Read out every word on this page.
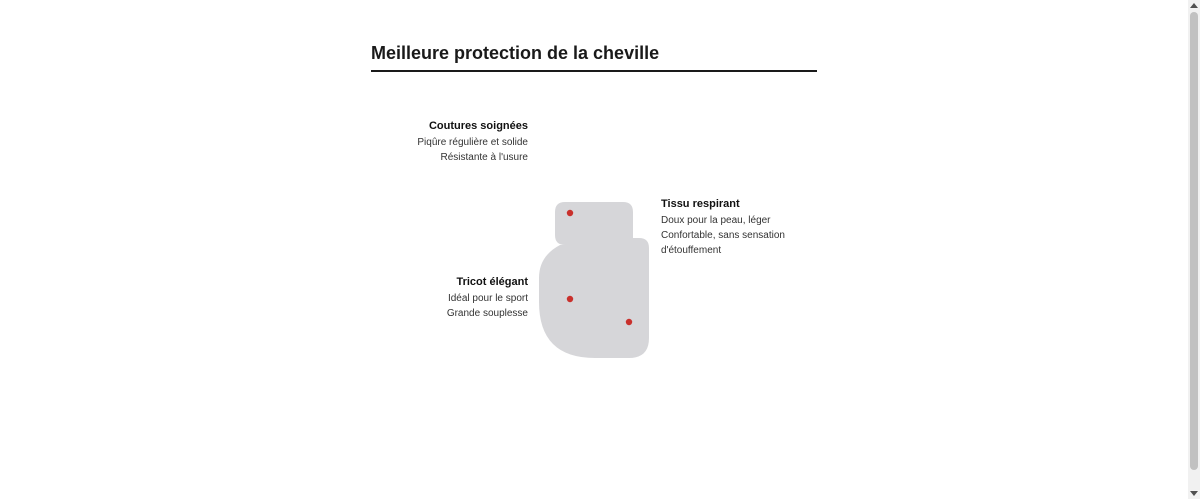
Meilleure protection de la cheville
Coutures soignées
Piqûre régulière et solide
Résistante à l'usure
Tissu respirant
Doux pour la peau, léger
Confortable, sans sensation
d'étouffement
Tricot élégant
Idéal pour le sport
Grande souplesse
